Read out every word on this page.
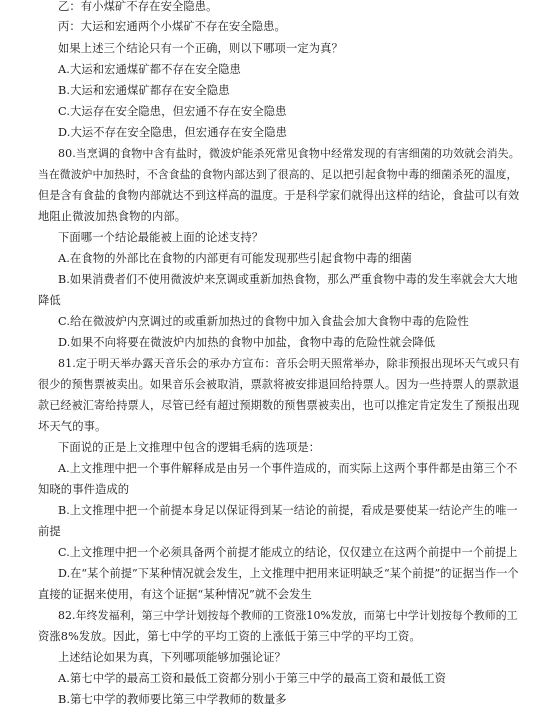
乙：有小煤矿不存在安全隐患。
丙：大运和宏通两个小煤矿不存在安全隐患。
如果上述三个结论只有一个正确，则以下哪项一定为真？
A.大运和宏通煤矿都不存在安全隐患
B.大运和宏通煤矿都存在安全隐患
C.大运存在安全隐患，但宏通不存在安全隐患
D.大运不存在安全隐患，但宏通存在安全隐患
80.当烹调的食物中含有盐时，微波炉能杀死常见食物中经常发现的有害细菌的功效就会消失。
当在微波炉中加热时，不含食盐的食物内部达到了很高的、足以把引起食物中毒的细菌杀死的温度，
但是含有食盐的食物内部就达不到这样高的温度。于是科学家们就得出这样的结论，食盐可以有效
地阻止微波加热食物的内部。
下面哪一个结论最能被上面的论述支持？
A.在食物的外部比在食物的内部更有可能发现那些引起食物中毒的细菌
B.如果消费者们不使用微波炉来烹调或重新加热食物，那么严重食物中毒的发生率就会大大地
降低
C.给在微波炉内烹调过的或重新加热过的食物中加入食盐会加大食物中毒的危险性
D.如果不向将要在微波炉内加热的食物中加盐，食物中毒的危险性就会降低
81.定于明天举办露天音乐会的承办方宣布：音乐会明天照常举办，除非预报出现坏天气或只有
很少的预售票被卖出。如果音乐会被取消，票款将被安排退回给持票人。因为一些持票人的票款退
款已经被汇寄给持票人，尽管已经有超过预期数的预售票被卖出，也可以推定肯定发生了预报出现
坏天气的事。
下面说的正是上文推理中包含的逻辑毛病的选项是：
A.上文推理中把一个事件解释成是由另一个事件造成的，而实际上这两个事件都是由第三个不
知晓的事件造成的
B.上文推理中把一个前提本身足以保证得到某一结论的前提，看成是要使某一结论产生的唯一
前提
C.上文推理中把一个必须具备两个前提才能成立的结论，仅仅建立在这两个前提中一个前提上
D.在“某个前提”下某种情况就会发生，上文推理中把用来证明缺乏“某个前提”的证据当作一个
直接的证据来使用，有这个证据“某种情况”就不会发生
82.年终发福利，第三中学计划按每个教师的工资涨10%发放，而第七中学计划按每个教师的工
资涨8%发放。因此，第七中学的平均工资的上涨低于第三中学的平均工资。
上述结论如果为真，下列哪项能够加强论证？
A.第七中学的最高工资和最低工资都分别小于第三中学的最高工资和最低工资
B.第七中学的教师要比第三中学教师的数量多
